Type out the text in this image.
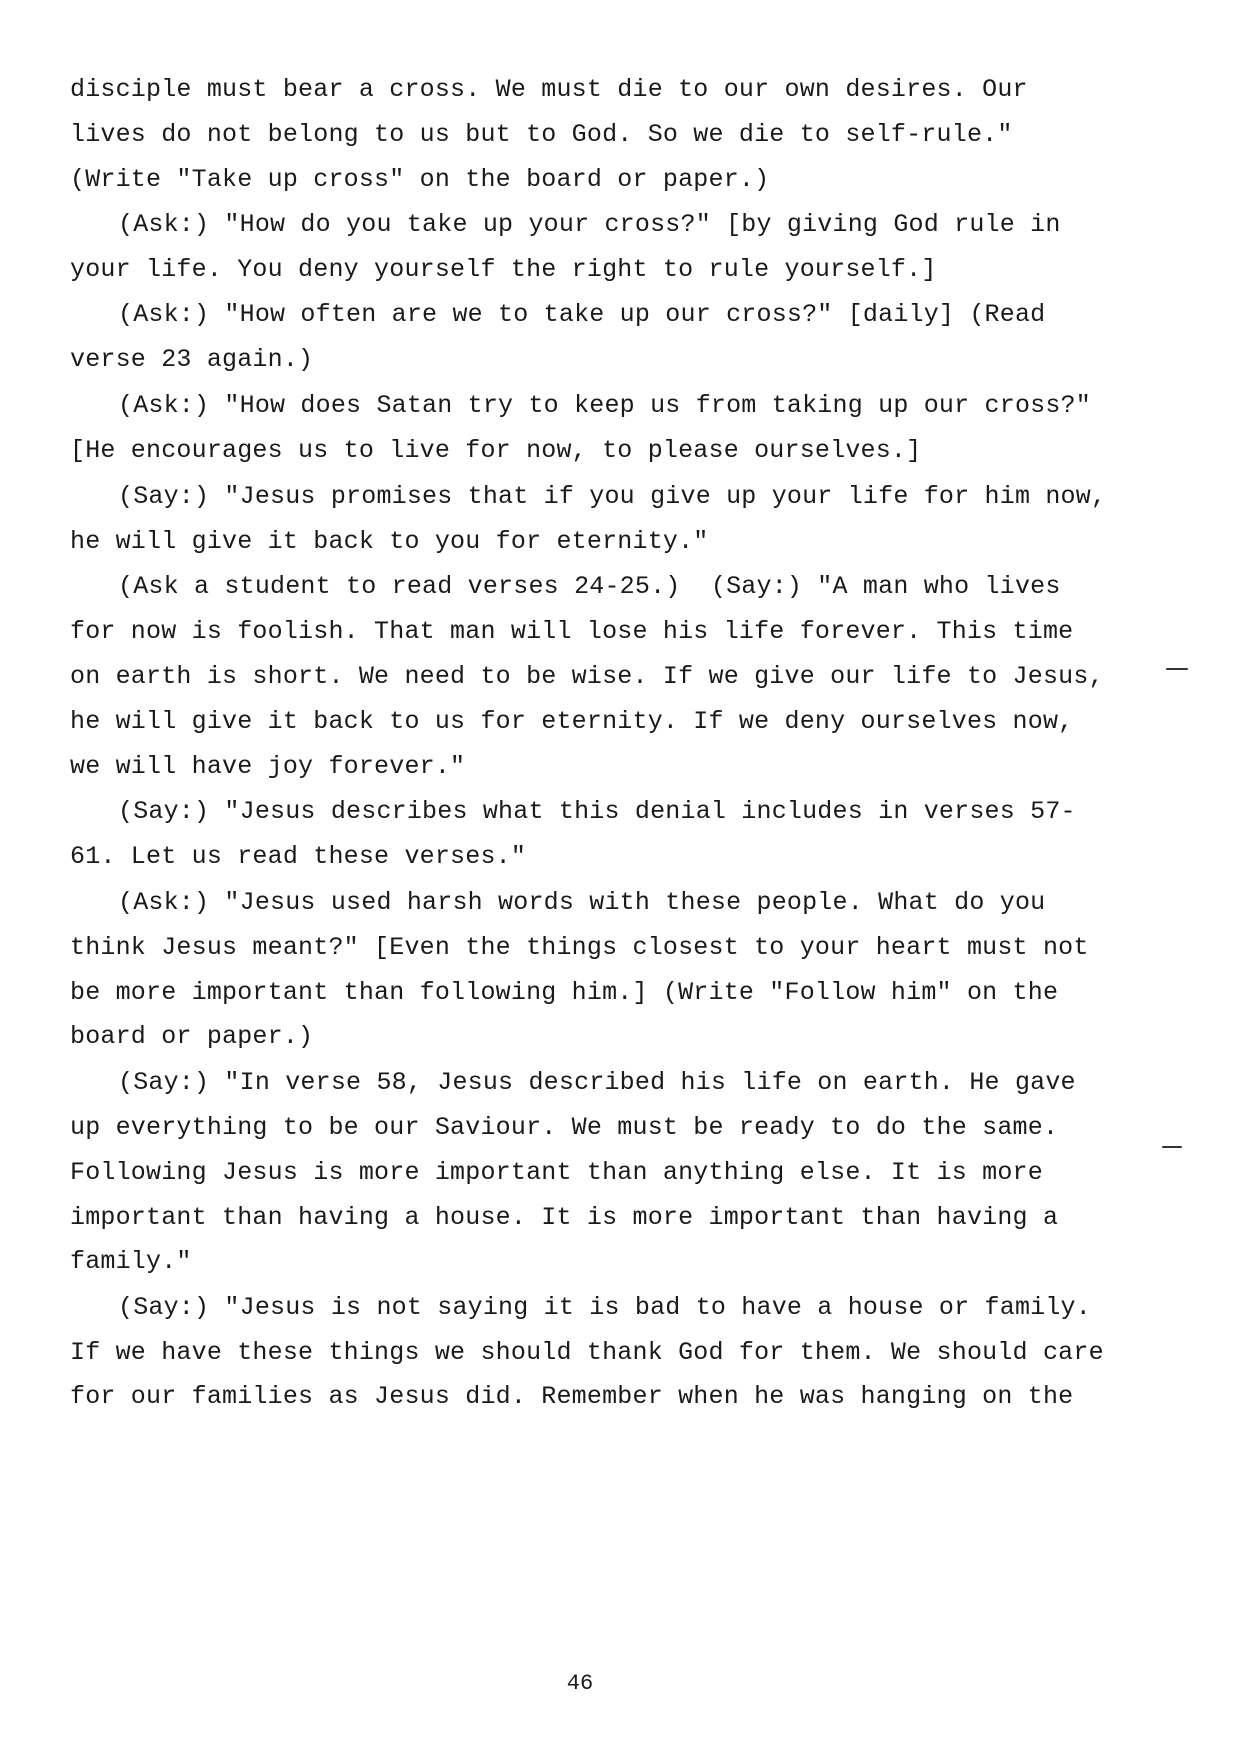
disciple must bear a cross. We must die to our own desires. Our
lives do not belong to us but to God. So we die to self-rule."
(Write "Take up cross" on the board or paper.)
(Ask:) "How do you take up your cross?" [by giving God rule in
your life. You deny yourself the right to rule yourself.]
(Ask:) "How often are we to take up our cross?" [daily] (Read
verse 23 again.)
(Ask:) "How does Satan try to keep us from taking up our cross?"
[He encourages us to live for now, to please ourselves.]
(Say:) "Jesus promises that if you give up your life for him now,
he will give it back to you for eternity."
(Ask a student to read verses 24-25.)  (Say:) "A man who lives
for now is foolish. That man will lose his life forever. This time
on earth is short. We need to be wise. If we give our life to Jesus,
he will give it back to us for eternity. If we deny ourselves now,
we will have joy forever."
(Say:) "Jesus describes what this denial includes in verses 57-
61. Let us read these verses."
(Ask:) "Jesus used harsh words with these people. What do you
think Jesus meant?" [Even the things closest to your heart must not
be more important than following him.] (Write "Follow him" on the
board or paper.)
(Say:) "In verse 58, Jesus described his life on earth. He gave
up everything to be our Saviour. We must be ready to do the same.
Following Jesus is more important than anything else. It is more
important than having a house. It is more important than having a
family."
(Say:) "Jesus is not saying it is bad to have a house or family.
If we have these things we should thank God for them. We should care
for our families as Jesus did. Remember when he was hanging on the
46
